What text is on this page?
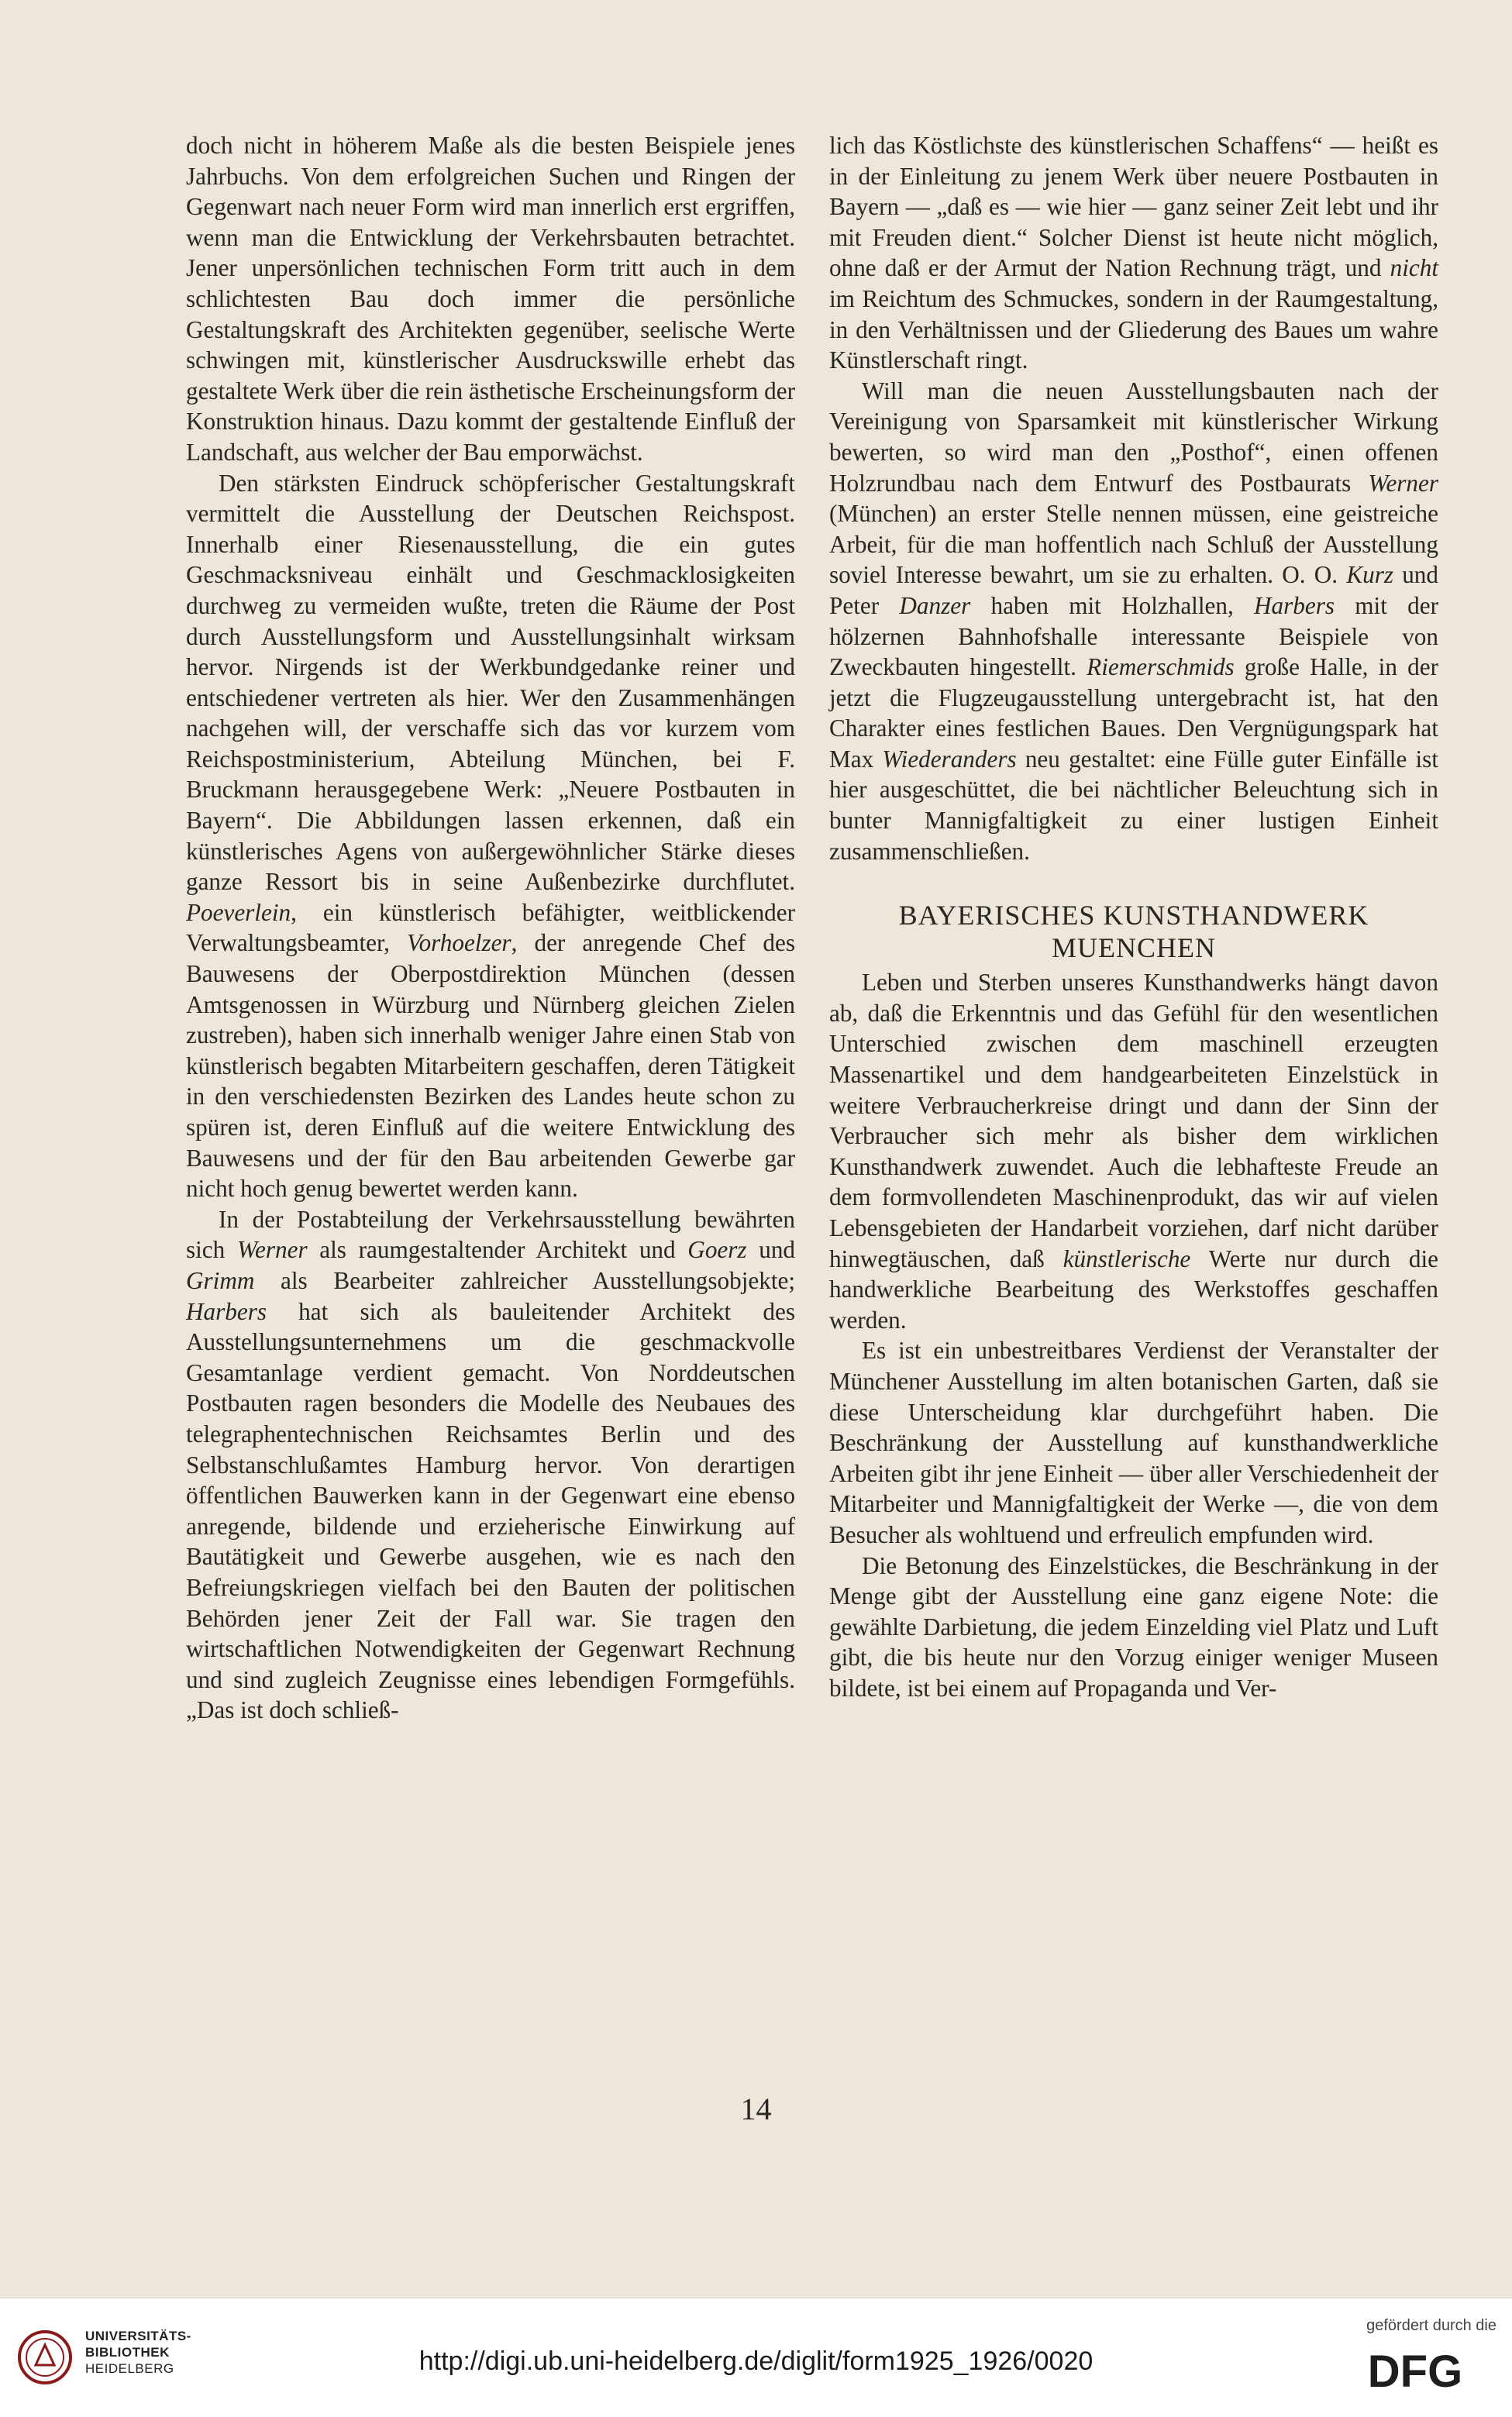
doch nicht in höherem Maße als die besten Beispiele jenes Jahrbuchs. Von dem erfolgreichen Suchen und Ringen der Gegenwart nach neuer Form wird man innerlich erst ergriffen, wenn man die Entwicklung der Verkehrsbauten betrachtet. Jener unpersönlichen technischen Form tritt auch in dem schlichtesten Bau doch immer die persönliche Gestaltungskraft des Architekten gegenüber, seelische Werte schwingen mit, künstlerischer Ausdruckswille erhebt das gestaltete Werk über die rein ästhetische Erscheinungsform der Konstruktion hinaus. Dazu kommt der gestaltende Einfluß der Landschaft, aus welcher der Bau emporwächst.

Den stärksten Eindruck schöpferischer Gestaltungskraft vermittelt die Ausstellung der Deutschen Reichspost. Innerhalb einer Riesenausstellung, die ein gutes Geschmacksniveau einhält und Geschmacklosigkeiten durchweg zu vermeiden wußte, treten die Räume der Post durch Ausstellungsform und Ausstellungsinhalt wirksam hervor. Nirgends ist der Werkbundgedanke reiner und entschiedener vertreten als hier. Wer den Zusammenhängen nachgehen will, der verschaffe sich das vor kurzem vom Reichspostministerium, Abteilung München, bei F. Bruckmann herausgegebene Werk: „Neuere Postbauten in Bayern“. Die Abbildungen lassen erkennen, daß ein künstlerisches Agens von außergewöhnlicher Stärke dieses ganze Ressort bis in seine Außenbezirke durchflutet. Poeverlein, ein künstlerisch befähigter, weitblickender Verwaltungsbeamter, Vorhoelzer, der anregende Chef des Bauwesens der Oberpostdirektion München (dessen Amtsgenossen in Würzburg und Nürnberg gleichen Zielen zustreben), haben sich innerhalb weniger Jahre einen Stab von künstlerisch begabten Mitarbeitern geschaffen, deren Tätigkeit in den verschiedensten Bezirken des Landes heute schon zu spüren ist, deren Einfluß auf die weitere Entwicklung des Bauwesens und der für den Bau arbeitenden Gewerbe gar nicht hoch genug bewertet werden kann.

In der Postabteilung der Verkehrsausstellung bewährten sich Werner als raumgestaltender Architekt und Goerz und Grimm als Bearbeiter zahlreicher Ausstellungsobjekte; Harbers hat sich als bauleitender Architekt des Ausstellungsunternehmens um die geschmackvolle Gesamtanlage verdient gemacht. Von Norddeutschen Postbauten ragen besonders die Modelle des Neubaues des telegraphentechnischen Reichsamtes Berlin und des Selbstanschlußamtes Hamburg hervor. Von derartigen öffentlichen Bauwerken kann in der Gegenwart eine ebenso anregende, bildende und erzieherische Einwirkung auf Bautätigkeit und Gewerbe ausgehen, wie es nach den Befreiungskriegen vielfach bei den Bauten der politischen Behörden jener Zeit der Fall war. Sie tragen den wirtschaftlichen Notwendigkeiten der Gegenwart Rechnung und sind zugleich Zeugnisse eines lebendigen Formgefühls. „Das ist doch schließ-

lich das Köstlichste des künstlerischen Schaffens“ — heißt es in der Einleitung zu jenem Werk über neuere Postbauten in Bayern — „daß es — wie hier — ganz seiner Zeit lebt und ihr mit Freuden dient.“ Solcher Dienst ist heute nicht möglich, ohne daß er der Armut der Nation Rechnung trägt, und nicht im Reichtum des Schmuckes, sondern in der Raumgestaltung, in den Verhältnissen und der Gliederung des Baues um wahre Künstlerschaft ringt.

Will man die neuen Ausstellungsbauten nach der Vereinigung von Sparsamkeit mit künstlerischer Wirkung bewerten, so wird man den „Posthof“, einen offenen Holzrundbau nach dem Entwurf des Postbaurats Werner (München) an erster Stelle nennen müssen, eine geistreiche Arbeit, für die man hoffentlich nach Schluß der Ausstellung soviel Interesse bewahrt, um sie zu erhalten. O. O. Kurz und Peter Danzer haben mit Holzhallen, Harbers mit der hölzernen Bahnhofshalle interessante Beispiele von Zweckbauten hingestellt. Riemerschmids große Halle, in der jetzt die Flugzeugausstellung untergebracht ist, hat den Charakter eines festlichen Baues. Den Vergnügungspark hat Max Wiederanders neu gestaltet: eine Fülle guter Einfälle ist hier ausgeschüttet, die bei nächtlicher Beleuchtung sich in bunter Mannigfaltigkeit zu einer lustigen Einheit zusammenschließen.

BAYERISCHES KUNSTHANDWERK
MUENCHEN

Leben und Sterben unseres Kunsthandwerks hängt davon ab, daß die Erkenntnis und das Gefühl für den wesentlichen Unterschied zwischen dem maschinell erzeugten Massenartikel und dem handgearbeiteten Einzelstück in weitere Verbraucherkreise dringt und dann der Sinn der Verbraucher sich mehr als bisher dem wirklichen Kunsthandwerk zuwendet. Auch die lebhafteste Freude an dem formvollendeten Maschinenprodukt, das wir auf vielen Lebensgebieten der Handarbeit vorziehen, darf nicht darüber hinwegtäuschen, daß künstlerische Werte nur durch die handwerkliche Bearbeitung des Werkstoffes geschaffen werden.

Es ist ein unbestreitbares Verdienst der Veranstalter der Münchener Ausstellung im alten botanischen Garten, daß sie diese Unterscheidung klar durchgeführt haben. Die Beschränkung der Ausstellung auf kunsthandwerkliche Arbeiten gibt ihr jene Einheit — über aller Verschiedenheit der Mitarbeiter und Mannigfaltigkeit der Werke —, die von dem Besucher als wohltuend und erfreulich empfunden wird.

Die Betonung des Einzelstückes, die Beschränkung in der Menge gibt der Ausstellung eine ganz eigene Note: die gewählte Darbietung, die jedem Einzelding viel Platz und Luft gibt, die bis heute nur den Vorzug einiger weniger Museen bildete, ist bei einem auf Propaganda und Ver-

14
UNIVERSITÄTS-
BIBLIOTHEK
HEIDELBERG	http://digi.ub.uni-heidelberg.de/diglit/form1925_1926/0020
gefördert durch die
DFG
